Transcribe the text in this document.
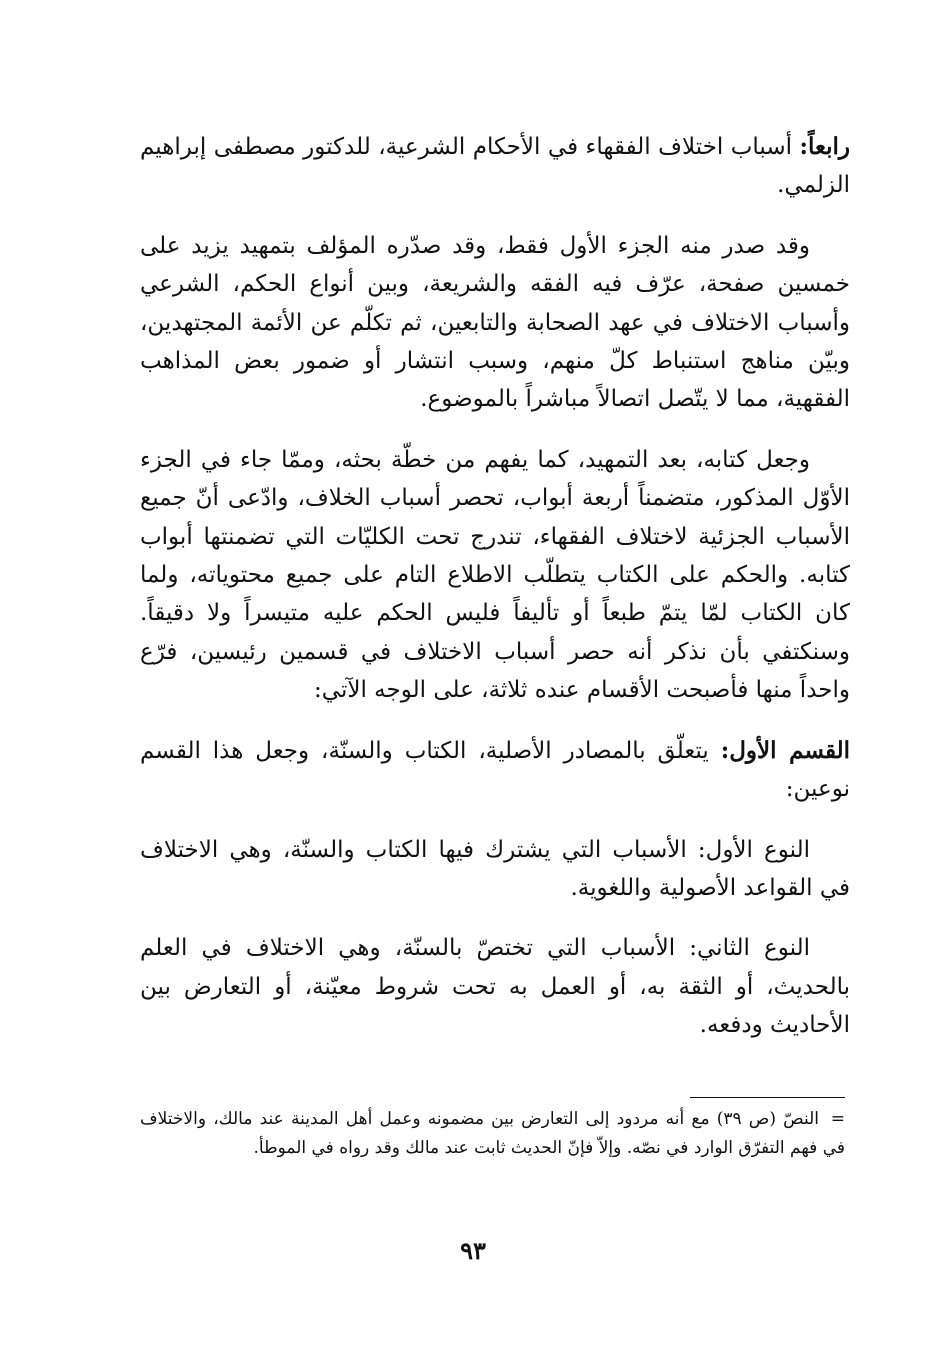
رابعاً: أسباب اختلاف الفقهاء في الأحكام الشرعية، للدكتور مصطفى إبراهيم الزلمي.

وقد صدر منه الجزء الأول فقط، وقد صدّره المؤلف بتمهيد يزيد على خمسين صفحة، عرّف فيه الفقه والشريعة، وبين أنواع الحكم، الشرعي وأسباب الاختلاف في عهد الصحابة والتابعين، ثم تكلّم عن الأئمة المجتهدين، وبيّن مناهج استنباط كلّ منهم، وسبب انتشار أو ضمور بعض المذاهب الفقهية، مما لا يتّصل اتصالاً مباشراً بالموضوع.

وجعل كتابه، بعد التمهيد، كما يفهم من خطّة بحثه، وممّا جاء في الجزء الأوّل المذكور، متضمناً أربعة أبواب، تحصر أسباب الخلاف، وادّعى أنّ جميع الأسباب الجزئية لاختلاف الفقهاء، تندرج تحت الكليّات التي تضمنتها أبواب كتابه. والحكم على الكتاب يتطلّب الاطلاع التام على جميع محتوياته، ولما كان الكتاب لمّا يتمّ طبعاً أو تأليفاً فليس الحكم عليه متيسراً ولا دقيقاً. وسنكتفي بأن نذكر أنه حصر أسباب الاختلاف في قسمين رئيسين، فرّع واحداً منها فأصبحت الأقسام عنده ثلاثة، على الوجه الآتي:

القسم الأول: يتعلّق بالمصادر الأصلية، الكتاب والسنّة، وجعل هذا القسم نوعين:

النوع الأول: الأسباب التي يشترك فيها الكتاب والسنّة، وهي الاختلاف في القواعد الأصولية واللغوية.

النوع الثاني: الأسباب التي تختصّ بالسنّة، وهي الاختلاف في العلم بالحديث، أو الثقة به، أو العمل به تحت شروط معيّنة، أو التعارض بين الأحاديث ودفعه.

=النصّ (ص ٣٩) مع أنه مردود إلى التعارض بين مضمونه وعمل أهل المدينة عند مالك، والاختلاف في فهم التفرّق الوارد في نصّه. وإلاّ فإنّ الحديث ثابت عند مالك وقد رواه في الموطأ.
٩٣
